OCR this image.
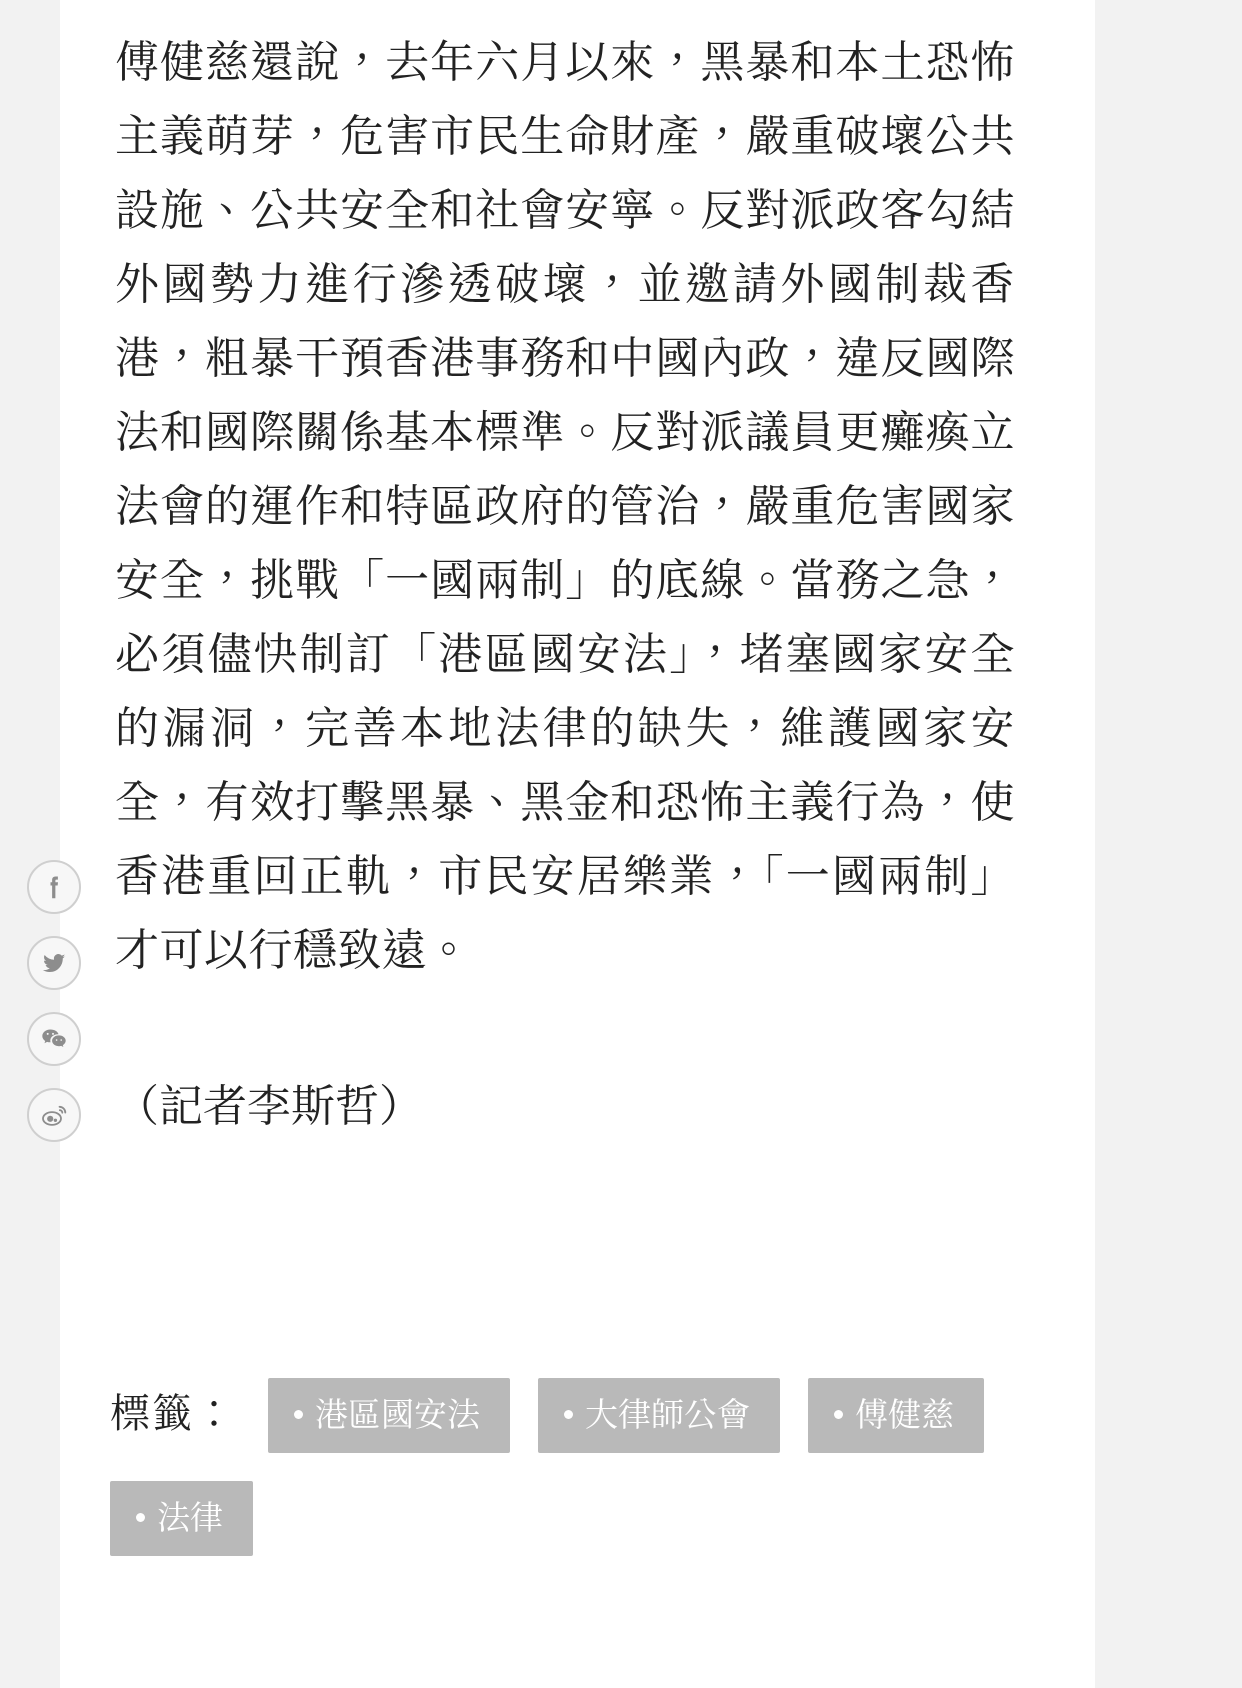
傅健慈還說，去年六月以來，黑暴和本土恐怖主義萌芽，危害市民生命財產，嚴重破壞公共設施、公共安全和社會安寧。反對派政客勾結外國勢力進行滲透破壞，並邀請外國制裁香港，粗暴干預香港事務和中國內政，違反國際法和國際關係基本標準。反對派議員更癱瘓立法會的運作和特區政府的管治，嚴重危害國家安全，挑戰「一國兩制」的底線。當務之急，必須儘快制訂「港區國安法」，堵塞國家安全的漏洞，完善本地法律的缺失，維護國家安全，有效打擊黑暴、黑金和恐怖主義行為，使香港重回正軌，市民安居樂業，「一國兩制」才可以行穩致遠。

（記者李斯哲）

標籤： 港區國安法	大律師公會	傅健慈
法律
